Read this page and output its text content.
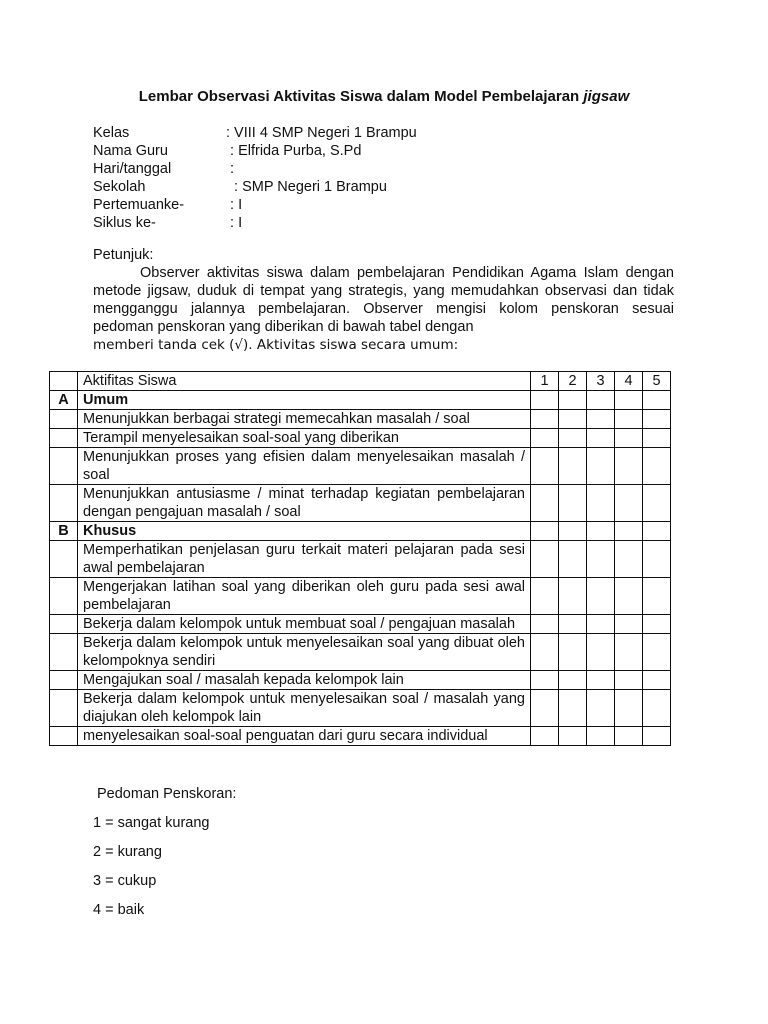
Lembar Observasi Aktivitas Siswa dalam Model Pembelajaran jigsaw
Kelas	: VIII 4 SMP Negeri 1 Brampu
Nama Guru	: Elfrida Purba, S.Pd
Hari/tanggal	:
Sekolah	: SMP Negeri 1 Brampu
Pertemuanke-	: I
Siklus ke-	: I
Petunjuk:
Observer aktivitas siswa dalam pembelajaran Pendidikan Agama Islam dengan metode jigsaw, duduk di tempat yang strategis, yang memudahkan observasi dan tidak mengganggu jalannya pembelajaran. Observer mengisi kolom penskoran sesuai pedoman penskoran yang diberikan di bawah tabel dengan
memberi tanda cek (√). Aktivitas siswa secara umum:
	Aktifitas Siswa	1	2	3	4	5
A	Umum					
	Menunjukkan berbagai strategi memecahkan masalah / soal					
	Terampil menyelesaikan soal-soal yang diberikan					
	Menunjukkan proses yang efisien dalam menyelesaikan masalah / soal					
	Menunjukkan antusiasme / minat terhadap kegiatan pembelajaran dengan pengajuan masalah / soal					
B	Khusus					
	Memperhatikan penjelasan guru terkait materi pelajaran pada sesi awal pembelajaran					
	Mengerjakan latihan soal yang diberikan oleh guru pada sesi awal pembelajaran					
	Bekerja dalam kelompok untuk membuat soal / pengajuan masalah					
	Bekerja dalam kelompok untuk menyelesaikan soal yang dibuat oleh kelompoknya sendiri					
	Mengajukan soal / masalah kepada kelompok lain					
	Bekerja dalam kelompok untuk menyelesaikan soal / masalah yang diajukan oleh kelompok lain					
	menyelesaikan soal-soal penguatan dari guru secara individual					
Pedoman Penskoran:
1 = sangat kurang
2 = kurang
3 = cukup
4 = baik
